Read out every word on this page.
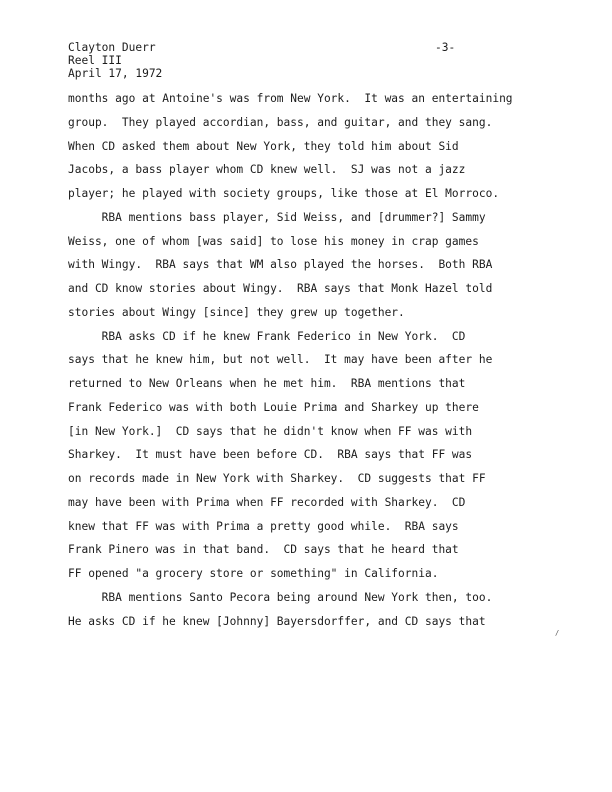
Clayton Duerr
Reel III
April 17, 1972
-3-
months ago at Antoine's was from New York.  It was an entertaining
group.  They played accordian, bass, and guitar, and they sang.
When CD asked them about New York, they told him about Sid
Jacobs, a bass player whom CD knew well.  SJ was not a jazz
player; he played with society groups, like those at El Morroco.
RBA mentions bass player, Sid Weiss, and [drummer?] Sammy
Weiss, one of whom [was said] to lose his money in crap games
with Wingy.  RBA says that WM also played the horses.  Both RBA
and CD know stories about Wingy.  RBA says that Monk Hazel told
stories about Wingy [since] they grew up together.
RBA asks CD if he knew Frank Federico in New York.  CD
says that he knew him, but not well.  It may have been after he
returned to New Orleans when he met him.  RBA mentions that
Frank Federico was with both Louie Prima and Sharkey up there
[in New York.]  CD says that he didn't know when FF was with
Sharkey.  It must have been before CD.  RBA says that FF was
on records made in New York with Sharkey.  CD suggests that FF
may have been with Prima when FF recorded with Sharkey.  CD
knew that FF was with Prima a pretty good while.  RBA says
Frank Pinero was in that band.  CD says that he heard that
FF opened "a grocery store or something" in California.
RBA mentions Santo Pecora being around New York then, too.
He asks CD if he knew [Johnny] Bayersdorffer, and CD says that
/
